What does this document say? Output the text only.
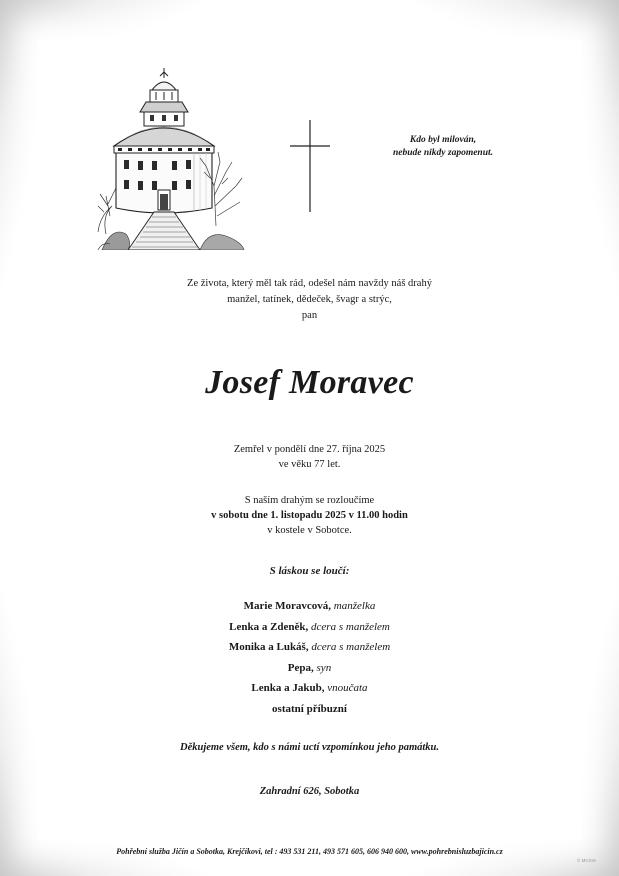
Kdo byl milován,
nebude nikdy zapomenut.
Ze života, který měl tak rád, odešel nám navždy náš drahý
manžel, tatínek, dědeček, švagr a strýc,
pan
Josef Moravec
Zemřel v pondělí dne 27. října 2025
ve věku 77 let.
S naším drahým se rozloučíme
v sobotu dne 1. listopadu 2025 v 11.00 hodin
v kostele v Sobotce.
S láskou se loučí:
Marie Moravcová, manželka
Lenka a Zdeněk, dcera s manželem
Monika a Lukáš, dcera s manželem
Pepa, syn
Lenka a Jakub, vnoučata
ostatní příbuzní
Děkujeme všem, kdo s námi uctí vzpomínkou jeho památku.
Zahradní 626, Sobotka
Pohřební služba Jičín a Sobotka, Krejčíkovi, tel : 493 531 211, 493 571 605, 606 940 600, www.pohrebnisluzbajicin.cz
© MCSW
